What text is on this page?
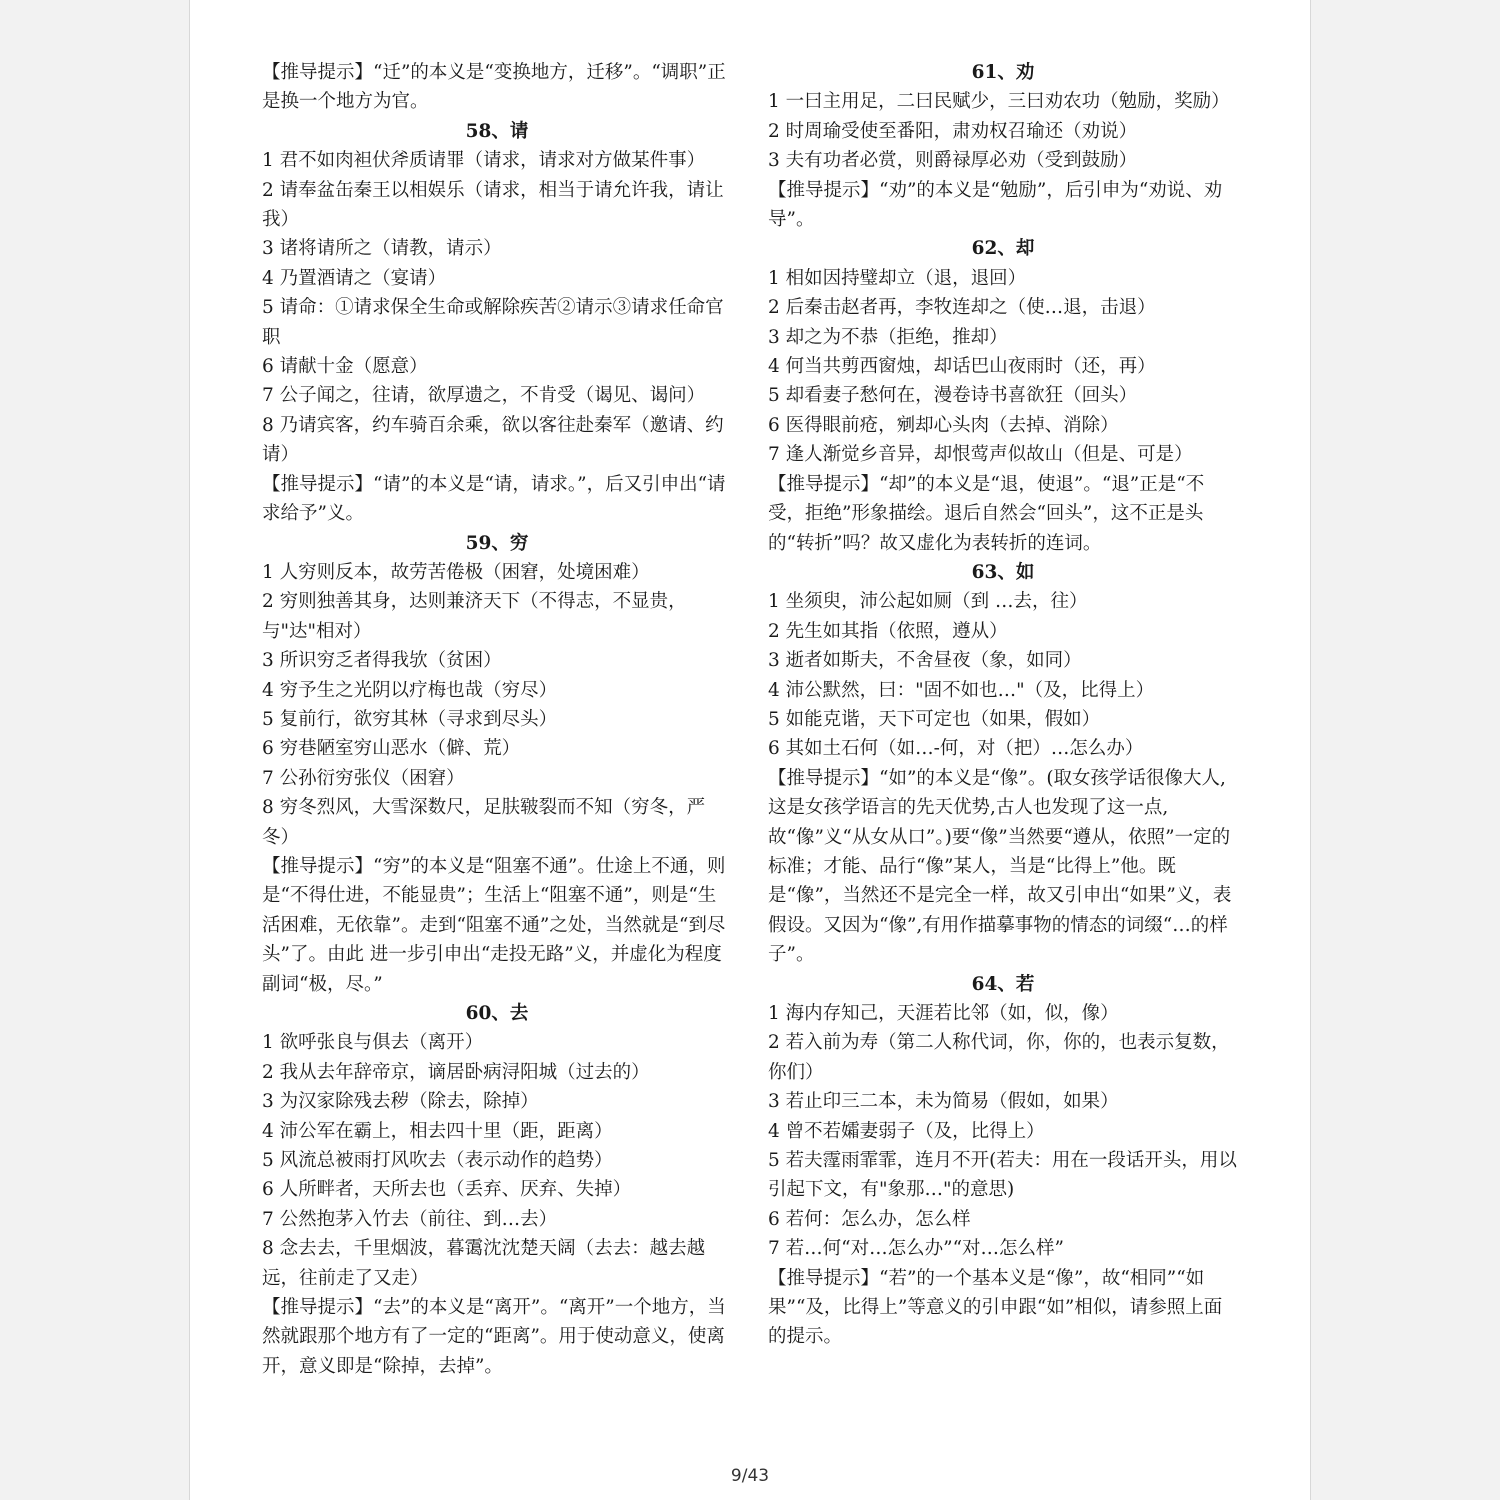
【推导提示】“迁”的本义是“变换地方，迁移”。“调职”正是换一个地方为官。

58、请

1 君不如肉袒伏斧质请罪（请求，请求对方做某件事）

2 请奉盆缶秦王以相娱乐（请求，相当于请允许我，请让我）

3 诸将请所之（请教，请示）

4 乃置酒请之（宴请）

5 请命：①请求保全生命或解除疾苦②请示③请求任命官职

6 请献十金（愿意）

7 公子闻之，往请，欲厚遗之，不肯受（谒见、谒问）

8 乃请宾客，约车骑百余乘，欲以客往赴秦军（邀请、约请）

【推导提示】“请”的本义是“请，请求。”，后又引申出“请求给予”义。

59、穷

1 人穷则反本，故劳苦倦极（困窘，处境困难）

2 穷则独善其身，达则兼济天下（不得志，不显贵，与"达"相对）

3 所识穷乏者得我欤（贫困）

4 穷予生之光阴以疗梅也哉（穷尽）

5 复前行，欲穷其林（寻求到尽头）

6 穷巷陋室穷山恶水（僻、荒）

7 公孙衍穷张仪（困窘）

8 穷冬烈风，大雪深数尺，足肤皲裂而不知（穷冬，严冬）

【推导提示】“穷”的本义是“阻塞不通”。仕途上不通，则是“不得仕进，不能显贵”；生活上“阻塞不通”，则是“生活困难，无依靠”。走到“阻塞不通”之处，当然就是“到尽头”了。由此 进一步引申出“走投无路”义，并虚化为程度副词“极，尽。”

60、去

1 欲呼张良与俱去（离开）

2 我从去年辞帝京，谪居卧病浔阳城（过去的）

3 为汉家除残去秽（除去，除掉）

4 沛公军在霸上，相去四十里（距，距离）

5 风流总被雨打风吹去（表示动作的趋势）

6 人所畔者，天所去也（丢弃、厌弃、失掉）

7 公然抱茅入竹去（前往、到…去）

8 念去去，千里烟波，暮霭沈沈楚天阔（去去：越去越远，往前走了又走）

【推导提示】“去”的本义是“离开”。“离开”一个地方，当然就跟那个地方有了一定的“距离”。用于使动意义，使离开，意义即是“除掉，去掉”。

61、劝

1 一曰主用足，二曰民赋少，三曰劝农功（勉励，奖励）

2 时周瑜受使至番阳，肃劝权召瑜还（劝说）

3 夫有功者必赏，则爵禄厚必劝（受到鼓励）

【推导提示】“劝”的本义是“勉励”，后引申为“劝说、劝导”。

62、却

1 相如因持璧却立（退，退回）

2 后秦击赵者再，李牧连却之（使…退，击退）

3 却之为不恭（拒绝，推却）

4 何当共剪西窗烛，却话巴山夜雨时（还，再）

5 却看妻子愁何在，漫卷诗书喜欲狂（回头）

6 医得眼前疮，剜却心头肉（去掉、消除）

7 逢人渐觉乡音异，却恨莺声似故山（但是、可是）

【推导提示】“却”的本义是“退，使退”。“退”正是“不受，拒绝”形象描绘。退后自然会“回头”，这不正是头的“转折”吗？故又虚化为表转折的连词。

63、如

1 坐须臾，沛公起如厕（到 …去，往）

2 先生如其指（依照，遵从）

3 逝者如斯夫，不舍昼夜（象，如同）

4 沛公默然，曰："固不如也…"（及，比得上）

5 如能克谐，天下可定也（如果，假如）

6 其如土石何（如…-何，对（把）…怎么办）

【推导提示】“如”的本义是“像”。(取女孩学话很像大人,这是女孩学语言的先天优势,古人也发现了这一点,故“像”义“从女从口”。)要“像”当然要“遵从，依照”一定的标准；才能、品行“像”某人，当是“比得上”他。既是“像”，当然还不是完全一样，故又引申出“如果”义，表假设。又因为“像”,有用作描摹事物的情态的词缀“…的样子”。

64、若

1 海内存知己，天涯若比邻（如，似，像）

2 若入前为寿（第二人称代词，你，你的，也表示复数，你们）

3 若止印三二本，未为简易（假如，如果）

4 曾不若孀妻弱子（及，比得上）

5 若夫霪雨霏霏，连月不开(若夫：用在一段话开头，用以引起下文，有"象那…"的意思)

6 若何：怎么办，怎么样

7 若…何“对…怎么办”“对…怎么样”

【推导提示】“若”的一个基本义是“像”，故“相同”“如果”“及，比得上”等意义的引申跟“如”相似，请参照上面的提示。

9/43
